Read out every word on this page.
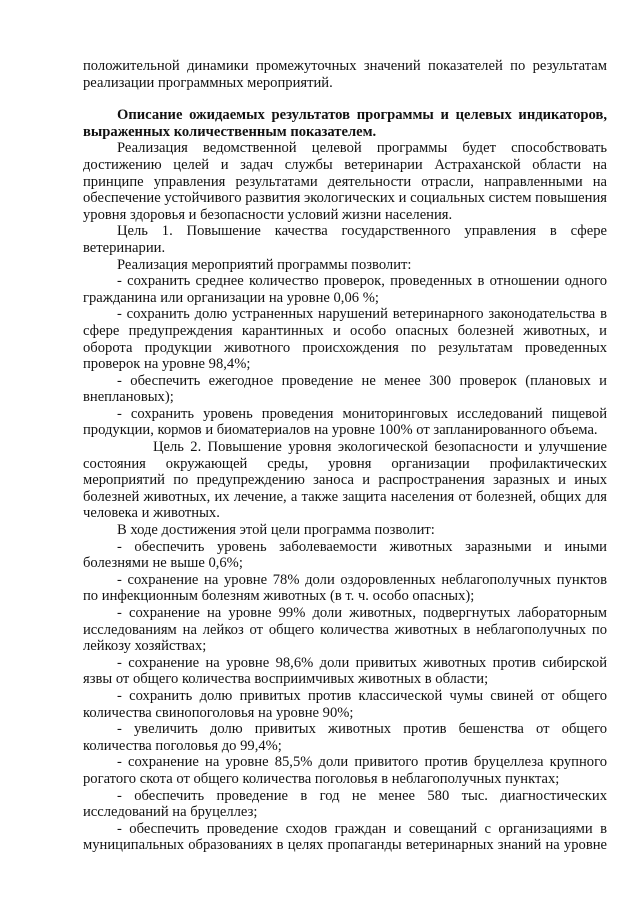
положительной динамики промежуточных значений показателей по результатам реализации программных мероприятий.

Описание ожидаемых результатов программы и целевых индикаторов, выраженных количественным показателем.

Реализация ведомственной целевой программы будет способствовать достижению целей и задач службы ветеринарии Астраханской области на принципе управления результатами деятельности отрасли, направленными на обеспечение устойчивого развития экологических и социальных систем повышения уровня здоровья и безопасности условий жизни населения.

Цель 1. Повышение качества государственного управления в сфере ветеринарии.

Реализация мероприятий программы позволит:

- сохранить среднее количество проверок, проведенных в отношении одного гражданина или организации на уровне 0,06 %;

- сохранить долю устраненных нарушений ветеринарного законодательства в сфере предупреждения карантинных и особо опасных болезней животных, и оборота продукции животного происхождения по результатам проведенных проверок на уровне 98,4%;

- обеспечить ежегодное проведение не менее 300 проверок (плановых и внеплановых);

- сохранить уровень проведения мониторинговых исследований пищевой продукции, кормов и биоматериалов на уровне 100% от запланированного объема.

Цель 2. Повышение уровня экологической безопасности и улучшение состояния окружающей среды, уровня организации профилактических мероприятий по предупреждению заноса и распространения заразных и иных болезней животных, их лечение, а также защита населения от болезней, общих для человека и животных.

В ходе достижения этой цели программа позволит:

- обеспечить уровень заболеваемости животных заразными и иными болезнями не выше 0,6%;

- сохранение на уровне 78% доли оздоровленных неблагополучных пунктов по инфекционным болезням животных (в т. ч. особо опасных);

- сохранение на уровне 99% доли животных, подвергнутых лабораторным исследованиям на лейкоз от общего количества животных в неблагополучных по лейкозу хозяйствах;

- сохранение на уровне 98,6% доли привитых животных против сибирской язвы от общего количества восприимчивых животных в области;

- сохранить долю привитых против классической чумы свиней от общего количества свинопоголовья на уровне 90%;

- увеличить долю привитых животных против бешенства от общего количества поголовья до 99,4%;

- сохранение на уровне 85,5% доли привитого против бруцеллеза крупного рогатого скота от общего количества поголовья в неблагополучных пунктах;

- обеспечить проведение в год не менее 580 тыс. диагностических исследований на бруцеллез;

- обеспечить проведение сходов граждан и совещаний с организациями в муниципальных образованиях в целях пропаганды ветеринарных знаний на уровне
